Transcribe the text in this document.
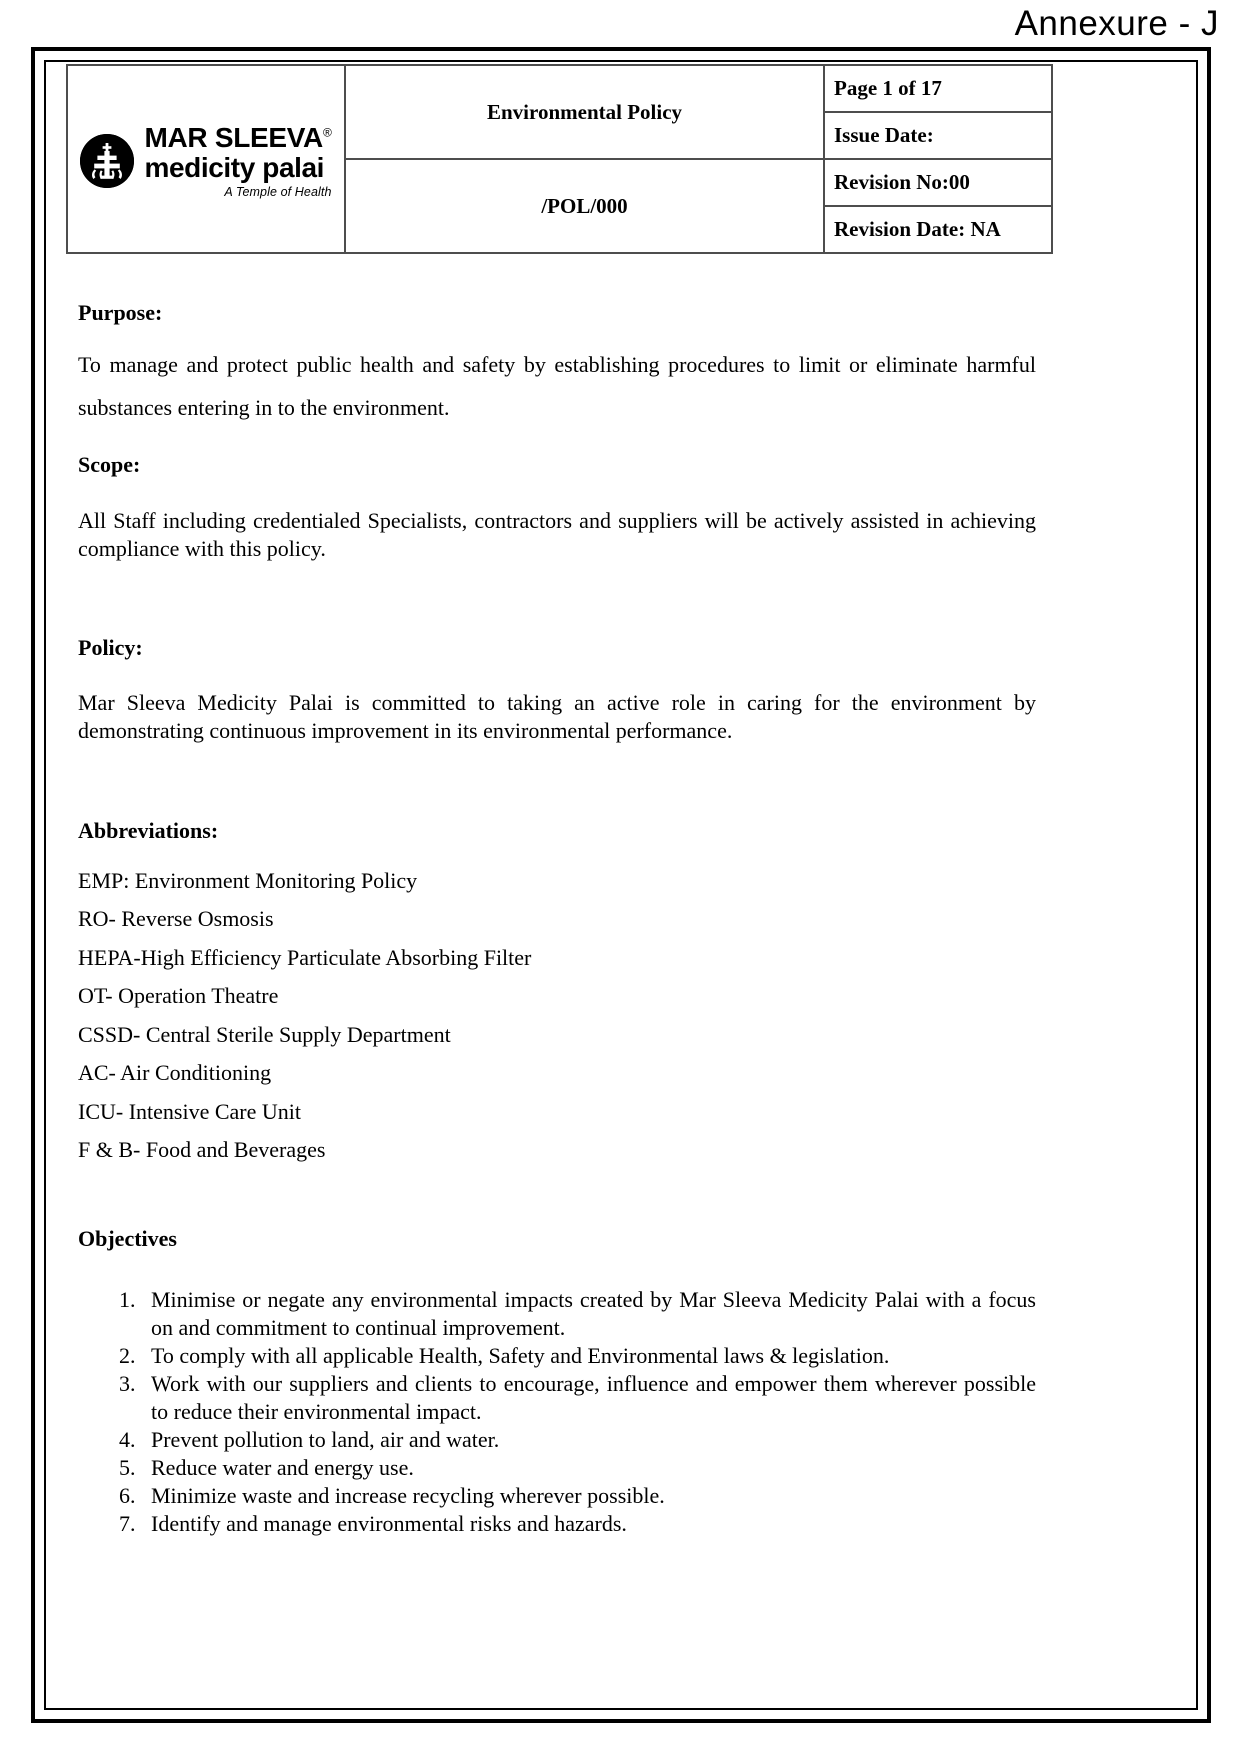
Annexure - J
MAR SLEEVA®
medicity palai
A Temple of Health	Environmental Policy	Page 1 of 17
		Issue Date:
	/POL/000	Revision No:00
		Revision Date: NA
Purpose:

To manage and protect public health and safety by establishing procedures to limit or eliminate harmful substances entering in to the environment.

Scope:

All Staff including credentialed Specialists, contractors and suppliers will be actively assisted in achieving compliance with this policy.

Policy:

Mar Sleeva Medicity Palai is committed to taking an active role in caring for the environment by demonstrating continuous improvement in its environmental performance.

Abbreviations:
EMP: Environment Monitoring Policy
RO- Reverse Osmosis
HEPA-High Efficiency Particulate Absorbing Filter
OT- Operation Theatre
CSSD- Central Sterile Supply Department
AC- Air Conditioning
ICU- Intensive Care Unit
F & B- Food and Beverages
Objectives
1. Minimise or negate any environmental impacts created by Mar Sleeva Medicity Palai with a focus on and commitment to continual improvement.
2. To comply with all applicable Health, Safety and Environmental laws & legislation.
3. Work with our suppliers and clients to encourage, influence and empower them wherever possible to reduce their environmental impact.
4. Prevent pollution to land, air and water.
5. Reduce water and energy use.
6. Minimize waste and increase recycling wherever possible.
7. Identify and manage environmental risks and hazards.
